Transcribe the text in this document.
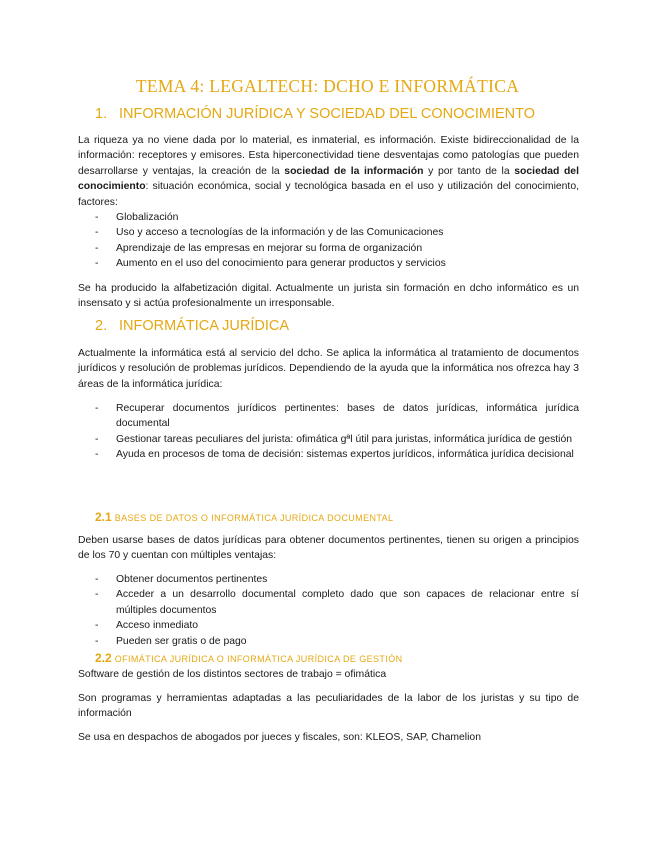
TEMA 4: LEGALTECH: DCHO E INFORMÁTICA
1. INFORMACIÓN JURÍDICA Y SOCIEDAD DEL CONOCIMIENTO

La riqueza ya no viene dada por lo material, es inmaterial, es información. Existe bidireccionalidad de la información: receptores y emisores. Esta hiperconectividad tiene desventajas como patologías que pueden desarrollarse y ventajas, la creación de la sociedad de la información y por tanto de la sociedad del conocimiento: situación económica, social y tecnológica basada en el uso y utilización del conocimiento, factores:

- Globalización
- Uso y acceso a tecnologías de la información y de las Comunicaciones
- Aprendizaje de las empresas en mejorar su forma de organización
- Aumento en el uso del conocimiento para generar productos y servicios

Se ha producido la alfabetización digital. Actualmente un jurista sin formación en dcho informático es un insensato y si actúa profesionalmente un irresponsable.

2. INFORMÁTICA JURÍDICA

Actualmente la informática está al servicio del dcho. Se aplica la informática al tratamiento de documentos jurídicos y resolución de problemas jurídicos. Dependiendo de la ayuda que la informática nos ofrezca hay 3 áreas de la informática jurídica:

- Recuperar documentos jurídicos pertinentes: bases de datos jurídicas, informática jurídica documental
- Gestionar tareas peculiares del jurista: ofimática gªl útil para juristas, informática jurídica de gestión
- Ayuda en procesos de toma de decisión: sistemas expertos jurídicos, informática jurídica decisional
2.1 BASES DE DATOS O INFORMÁTICA JURÍDICA DOCUMENTAL

Deben usarse bases de datos jurídicas para obtener documentos pertinentes, tienen su origen a principios de los 70 y cuentan con múltiples ventajas:

- Obtener documentos pertinentes
- Acceder a un desarrollo documental completo dado que son capaces de relacionar entre sí múltiples documentos
- Acceso inmediato
- Pueden ser gratis o de pago
2.2 OFIMÁTICA JURÍDICA O INFORMÁTICA JURÍDICA DE GESTIÓN

Software de gestión de los distintos sectores de trabajo = ofimática

Son programas y herramientas adaptadas a las peculiaridades de la labor de los juristas y su tipo de información

Se usa en despachos de abogados por jueces y fiscales, son: KLEOS, SAP, Chamelion
